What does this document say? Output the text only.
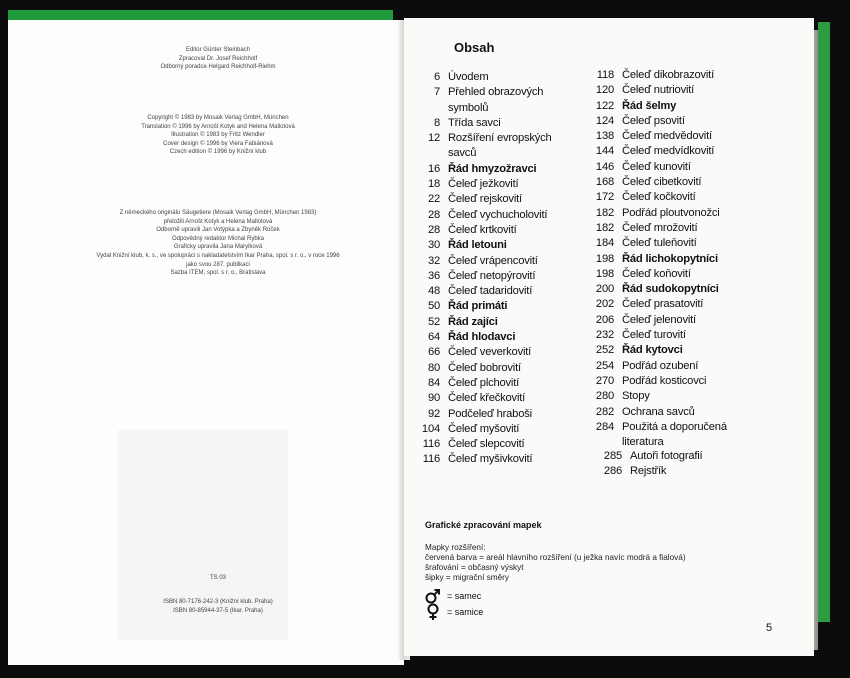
Editor Günter Steinbach
Zpracoval Dr. Josef Reichholf
Odborný poradce Helgard Reichholf-Riehm
Copyright © 1983 by Mosaik Verlag GmbH, München
Translation © 1996 by Arnošt Kotyk and Helena Mallotová
Illustration © 1983 by Fritz Wendler
Cover design © 1996 by Viera Fabiánová
Czech edition © 1996 by Knižní klub
Z německého originálu Säugetiere (Mosaik Verlag GmbH, München 1983)
přeložili Arnošt Kotyk a Helena Mallotová
Odborně upravili Jan Votýpka a Zbyněk Roček
Odpovědný redaktor Michal Rybka
Graficky upravila Jana Marylková
Vydal Knižní klub, k. s., ve spolupráci s nakladatelstvím Ikar Praha, spol. s r. o., v roce 1996
jako svou 287. publikaci
Sazba ITEM, spol. s r. o., Bratislava
TS 03
ISBN 80-7176-242-3 (Knižní klub. Praha)
ISBN 80-85944-37-5 (Ikar. Praha)
Obsah
6 Úvodem
7 Přehled obrazových
symbolů
8 Třída savci
12 Rozšíření evropských
savců
16 Řád hmyzožravci
18 Čeleď ježkovití
22 Čeleď rejskovití
28 Čeleď vychucholovití
28 Čeleď krtkovití
30 Řád letouni
32 Čeleď vrápencovití
36 Čeleď netopýrovití
48 Čeleď tadaridovití
50 Řád primáti
52 Řád zajíci
64 Řád hlodavci
66 Čeleď veverkovití
80 Čeleď bobrovití
84 Čeleď plchovití
90 Čeleď křečkovití
92 Podčeleď hraboši
104 Čeleď myšovití
116 Čeleď slepcovití
116 Čeleď myšivkovití
118 Čeleď dikobrazovití
120 Čeleď nutriovití
122 Řád šelmy
124 Čeleď psovití
138 Čeleď medvědovití
144 Čeleď medvídkovití
146 Čeleď kunovití
168 Čeleď cibetkovití
172 Čeleď kočkovití
182 Podřád ploutvonožci
182 Čeleď mrožovití
184 Čeleď tuleňovití
198 Řád lichokopytníci
198 Čeleď koňovití
200 Řád sudokopytníci
202 Čeleď prasatovití
206 Čeleď jelenovití
232 Čeleď turovití
252 Řád kytovci
254 Podřád ozubení
270 Podřád kosticovci
280 Stopy
282 Ochrana savců
284 Použitá a doporučená
literatura
285 Autoři fotografií
286 Rejstřík
Grafické zpracování mapek
Mapky rozšíření:
červená barva = areál hlavního rozšíření (u ježka navíc modrá a fialová)
šrafování = občasný výskyt
šipky = migrační směry
= samec
= samice
5
